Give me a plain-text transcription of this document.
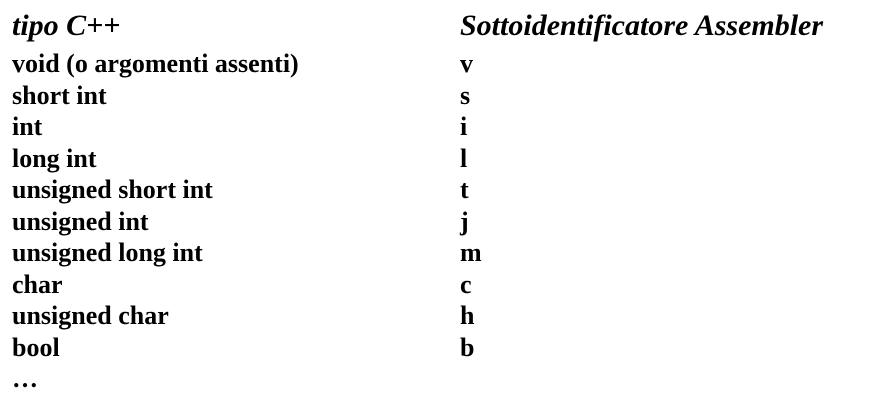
tipo C++	Sottoidentificatore Assembler
void (o argomenti assenti)	v
short int	s
int	i
long int	l
unsigned short int	t
unsigned int	j
unsigned long int	m
char	c
unsigned char	h
bool	b
…
